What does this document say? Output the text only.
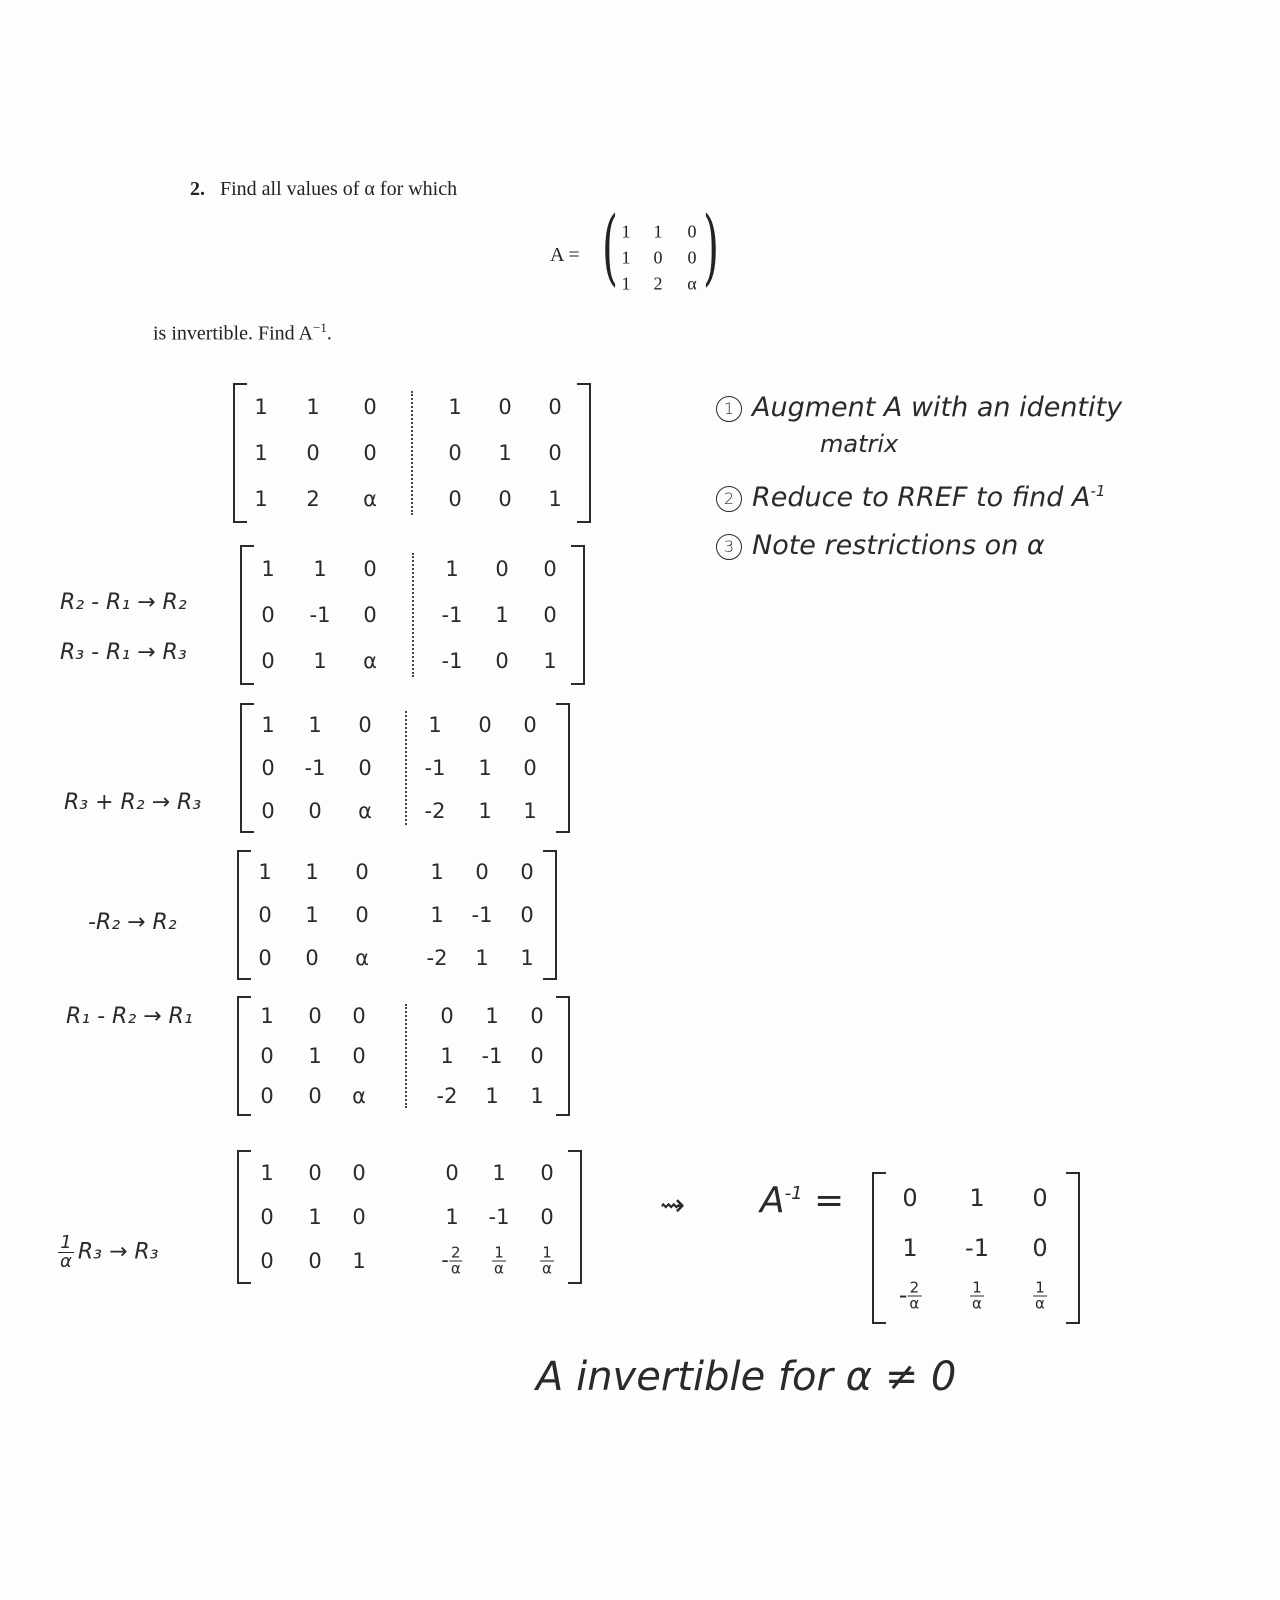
2. Find all values of α for which
A = ( )
1 1 0
1 0 0
1 2 α
is invertible. Find $A^{-1}$.
1 Augment A with an identity
matrix
2 Reduce to RREF to find $A^{-1}$
3 Note restrictions on α
1 1 0
1 0 0
1 2 α
1 0 0
0 1 0
0 0 1
1 1 0
0 -1 0
0 1 α
1 0 0
-1 1 0
-1 0 1
R₂ - R₁ → R₂
R₃ - R₁ → R₃
1 1 0
0 -1 0
0 0 α
1 0 0
-1 1 0
-2 1 1
R₃ + R₂ → R₃
1 1 0
0 1 0
0 0 α
1 0 0
1 -1 0
-2 1 1
-R₂ → R₂
1 0 0
0 1 0
0 0 α
0 1 0
1 -1 0
-2 1 1
R₁ - R₂ → R₁
1 0 0
0 1 0
0 0 1
0 1 0
1 -1 0
- $\frac{2}{\alpha} \frac{1}{\alpha} \frac{1}{\alpha}$
$\frac{1}{\alpha} R_3 \to R_3$
⇝ $A^{-1} = 0$ 1 0
1 -1 0
- $\frac{2}{\alpha}$	$\frac{1}{\alpha}$	$\frac{1}{\alpha}$
A invertible for α ≠ 0
